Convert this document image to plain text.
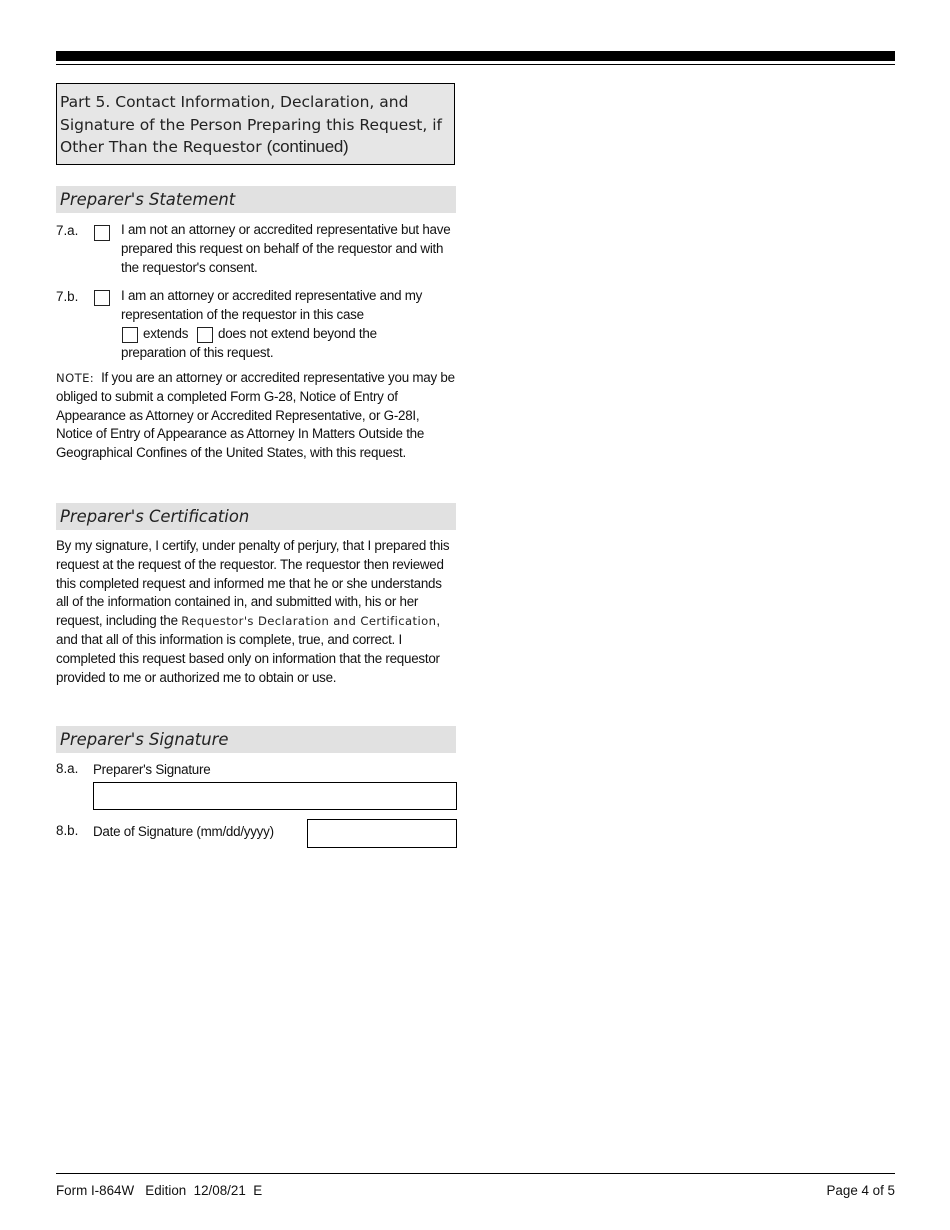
Part 5. Contact Information, Declaration, and Signature of the Person Preparing this Request, if Other Than the Requestor (continued)
Preparer's Statement
7.a.	I am not an attorney or accredited representative but have prepared this request on behalf of the requestor and with the requestor's consent.
7.b.	I am an attorney or accredited representative and my representation of the requestor in this case
extends does not extend beyond the
preparation of this request.
NOTE: If you are an attorney or accredited representative you may be obliged to submit a completed Form G-28, Notice of Entry of Appearance as Attorney or Accredited Representative, or G-28I, Notice of Entry of Appearance as Attorney In Matters Outside the Geographical Confines of the United States, with this request.
Preparer's Certification
By my signature, I certify, under penalty of perjury, that I prepared this request at the request of the requestor. The requestor then reviewed this completed request and informed me that he or she understands all of the information contained in, and submitted with, his or her request, including the Requestor's Declaration and Certification, and that all of this information is complete, true, and correct. I completed this request based only on information that the requestor provided to me or authorized me to obtain or use.
Preparer's Signature
8.a. Preparer's Signature
8.b. Date of Signature (mm/dd/yyyy)
Form I-864W   Edition  12/08/21  E	Page 4 of 5
